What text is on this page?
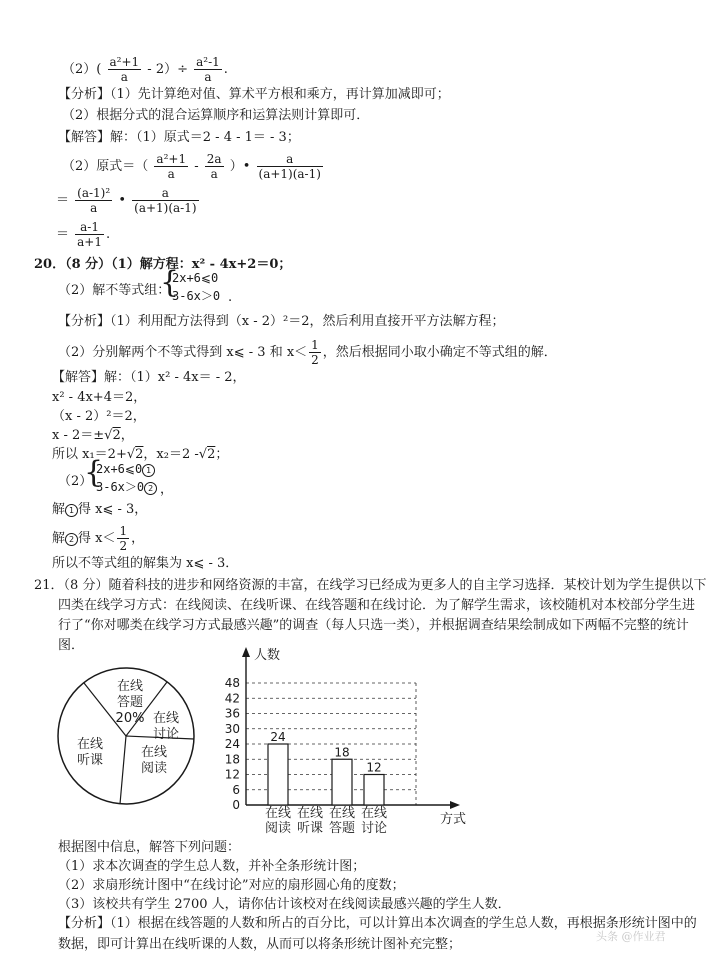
$(2)( \frac{\text{a²+1}}{a} - 2)\div \frac{\text{a²-1}}{a}$ .
【分析】（1）先计算绝对值、算术平方根和乘方，再计算加减即可；
（2）根据分式的混合运算顺序和运算法则计算即可．
【解答】解：（1）原式＝2 - 4 - 1＝ - 3；
（2）原式＝（ $\frac{\text{a²+1}}{a} - \frac{2a}{a}$ ）• $\frac{a}{(a+1)(a-1)}$
＝ $\frac{\text{(a-1)²}}{a}$ • $\frac{a}{(a+1)(a-1)}$
＝ $\frac{a-1}{a+1}$ .
20．（8 分）（1）解方程：x² - 4x+2＝0；
（2）解不等式组：
{
2x+6⩽0
3-6x＞0 .
【分析】（1）利用配方法得到（x - 2）²＝2，然后利用直接开平方法解方程；
（2）分别解两个不等式得到 x⩽ - 3 和 $x< \frac{1}{2}$ ，然后根据同小取小确定不等式组的解．
【解答】解：（1）x² - 4x＝ - 2，
x² - 4x+4＝2，
（x - 2）²＝2，
x - 2＝±√2，
所以 x₁＝2+√2，x₂＝2 -√2；
（2）
{
2x+6⩽0 1
3-6x＞0 2 ，
解 1 得 x⩽ - 3，
解 2 得 $x< \frac{1}{2}$ ，
所以不等式组的解集为 x⩽ - 3．
21．（8 分）随着科技的进步和网络资源的丰富，在线学习已经成为更多人的自主学习选择．某校计划为学生提供以下
四类在线学习方式：在线阅读、在线听课、在线答题和在线讨论．为了解学生需求，该校随机对本校部分学生进
行了“你对哪类在线学习方式最感兴趣”的调查（每人只选一类），并根据调查结果绘制成如下两幅不完整的统计
图．
在线
答题
20% 在线
讨论
在线
阅读
在线
听课
人数
方式
0
6
12
18
24
30
36
42
48
24
18
12
在线
阅读
在线
听课
在线
答题
在线
讨论
根据图中信息，解答下列问题：
（1）求本次调查的学生总人数，并补全条形统计图；
（2）求扇形统计图中“在线讨论”对应的扇形圆心角的度数；
（3）该校共有学生 2700 人，请你估计该校对在线阅读最感兴趣的学生人数．
【分析】（1）根据在线答题的人数和所占的百分比，可以计算出本次调查的学生总人数，再根据条形统计图中的
数据，即可计算出在线听课的人数，从而可以将条形统计图补充完整；
头条 @作业君
